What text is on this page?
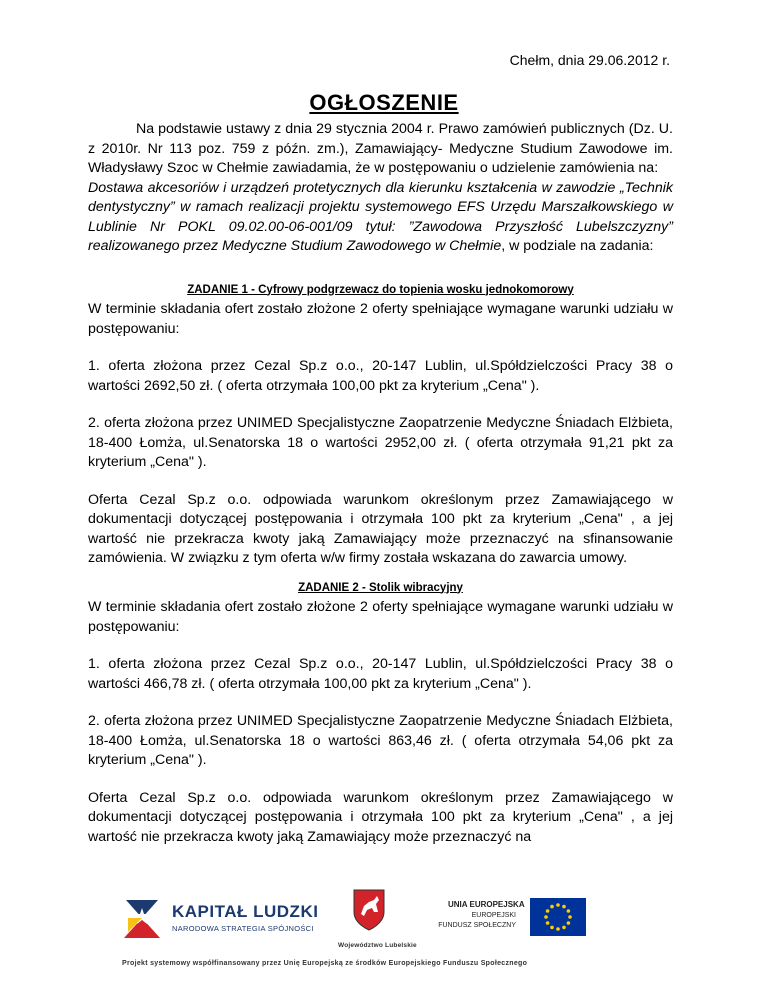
Chełm, dnia 29.06.2012 r.
OGŁOSZENIE

Na podstawie ustawy z dnia 29 stycznia 2004 r. Prawo zamówień publicznych (Dz. U. z 2010r. Nr 113 poz. 759 z późn. zm.), Zamawiający- Medyczne Studium Zawodowe im. Władysławy Szoc w Chełmie zawiadamia, że w postępowaniu o udzielenie zamówienia na:

Dostawa akcesoriów i urządzeń protetycznych dla kierunku kształcenia w zawodzie „Technik dentystyczny” w ramach realizacji projektu systemowego EFS Urzędu Marszałkowskiego w Lublinie Nr POKL 09.02.00-06-001/09 tytuł: ”Zawodowa Przyszłość Lubelszczyzny” realizowanego przez Medyczne Studium Zawodowego w Chełmie, w podziale na zadania:

ZADANIE 1 - Cyfrowy podgrzewacz do topienia wosku jednokomorowy

W terminie składania ofert zostało złożone 2 oferty spełniające wymagane warunki udziału w postępowaniu:

1. oferta złożona przez Cezal Sp.z o.o., 20-147 Lublin, ul.Spółdzielczości Pracy 38 o wartości 2692,50 zł. ( oferta otrzymała 100,00 pkt za kryterium „Cena" ).

2. oferta złożona przez UNIMED Specjalistyczne Zaopatrzenie Medyczne Śniadach Elżbieta, 18-400 Łomża, ul.Senatorska 18 o wartości 2952,00 zł. ( oferta otrzymała 91,21 pkt za kryterium „Cena" ).

Oferta Cezal Sp.z o.o. odpowiada warunkom określonym przez Zamawiającego w dokumentacji dotyczącej postępowania i otrzymała 100 pkt za kryterium „Cena" , a jej wartość nie przekracza kwoty jaką Zamawiający może przeznaczyć na sfinansowanie zamówienia. W związku z tym oferta w/w firmy została wskazana do zawarcia umowy.

ZADANIE 2 - Stolik wibracyjny

W terminie składania ofert zostało złożone 2 oferty spełniające wymagane warunki udziału w postępowaniu:

1. oferta złożona przez Cezal Sp.z o.o., 20-147 Lublin, ul.Spółdzielczości Pracy 38 o wartości 466,78 zł. ( oferta otrzymała 100,00 pkt za kryterium „Cena" ).

2. oferta złożona przez UNIMED Specjalistyczne Zaopatrzenie Medyczne Śniadach Elżbieta, 18-400 Łomża, ul.Senatorska 18 o wartości 863,46 zł. ( oferta otrzymała 54,06 pkt za kryterium „Cena" ).

Oferta Cezal Sp.z o.o. odpowiada warunkom określonym przez Zamawiającego w dokumentacji dotyczącej postępowania i otrzymała 100 pkt za kryterium „Cena" , a jej wartość nie przekracza kwoty jaką Zamawiający może przeznaczyć na

KAPITAŁ LUDZKI
NARODOWA STRATEGIA SPÓJNOŚCI
Województwo Lubelskie
UNIA EUROPEJSKA
EUROPEJSKI
FUNDUSZ SPOŁECZNY
Projekt systemowy współfinansowany przez Unię Europejską ze środków Europejskiego Funduszu Społecznego
